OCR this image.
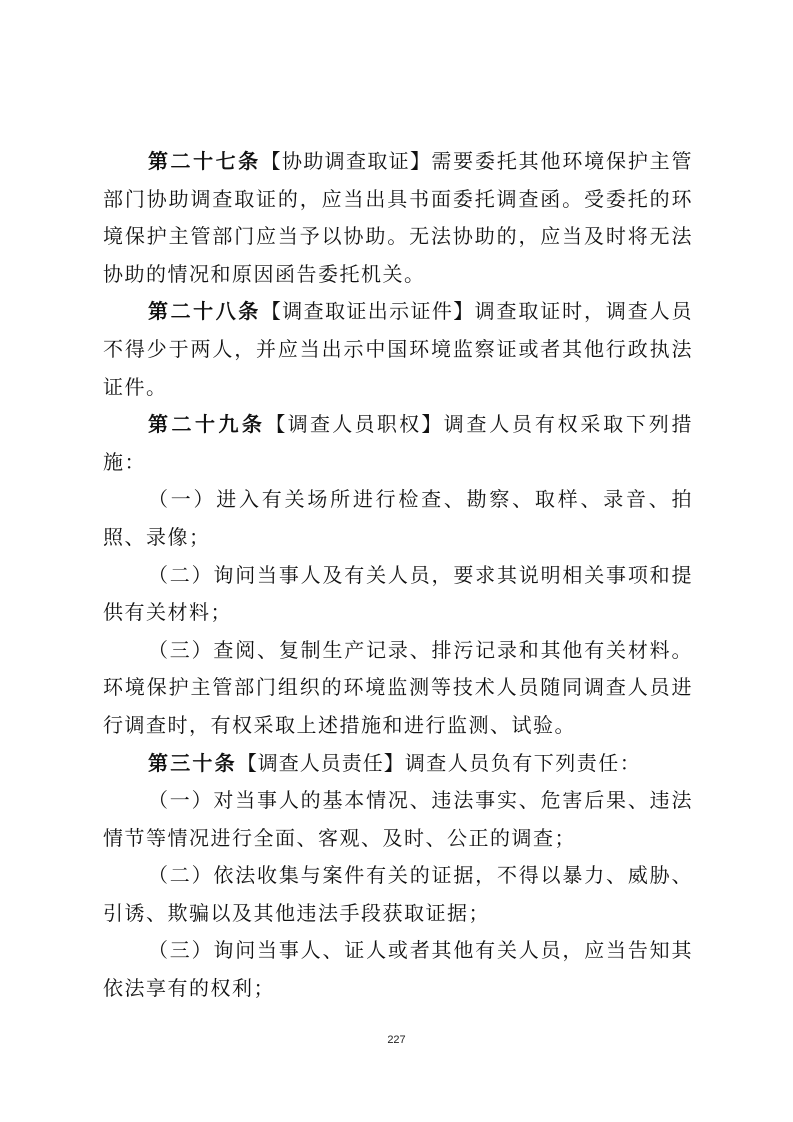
第二十七条【协助调查取证】需要委托其他环境保护主管部门协助调查取证的，应当出具书面委托调查函。受委托的环境保护主管部门应当予以协助。无法协助的，应当及时将无法协助的情况和原因函告委托机关。

第二十八条【调查取证出示证件】调查取证时，调查人员不得少于两人，并应当出示中国环境监察证或者其他行政执法证件。

第二十九条【调查人员职权】调查人员有权采取下列措施：

（一）进入有关场所进行检查、勘察、取样、录音、拍照、录像；

（二）询问当事人及有关人员，要求其说明相关事项和提供有关材料；

（三）查阅、复制生产记录、排污记录和其他有关材料。环境保护主管部门组织的环境监测等技术人员随同调查人员进行调查时，有权采取上述措施和进行监测、试验。

第三十条【调查人员责任】调查人员负有下列责任：

（一）对当事人的基本情况、违法事实、危害后果、违法情节等情况进行全面、客观、及时、公正的调查；

（二）依法收集与案件有关的证据，不得以暴力、威胁、引诱、欺骗以及其他违法手段获取证据；

（三）询问当事人、证人或者其他有关人员，应当告知其依法享有的权利；

227
